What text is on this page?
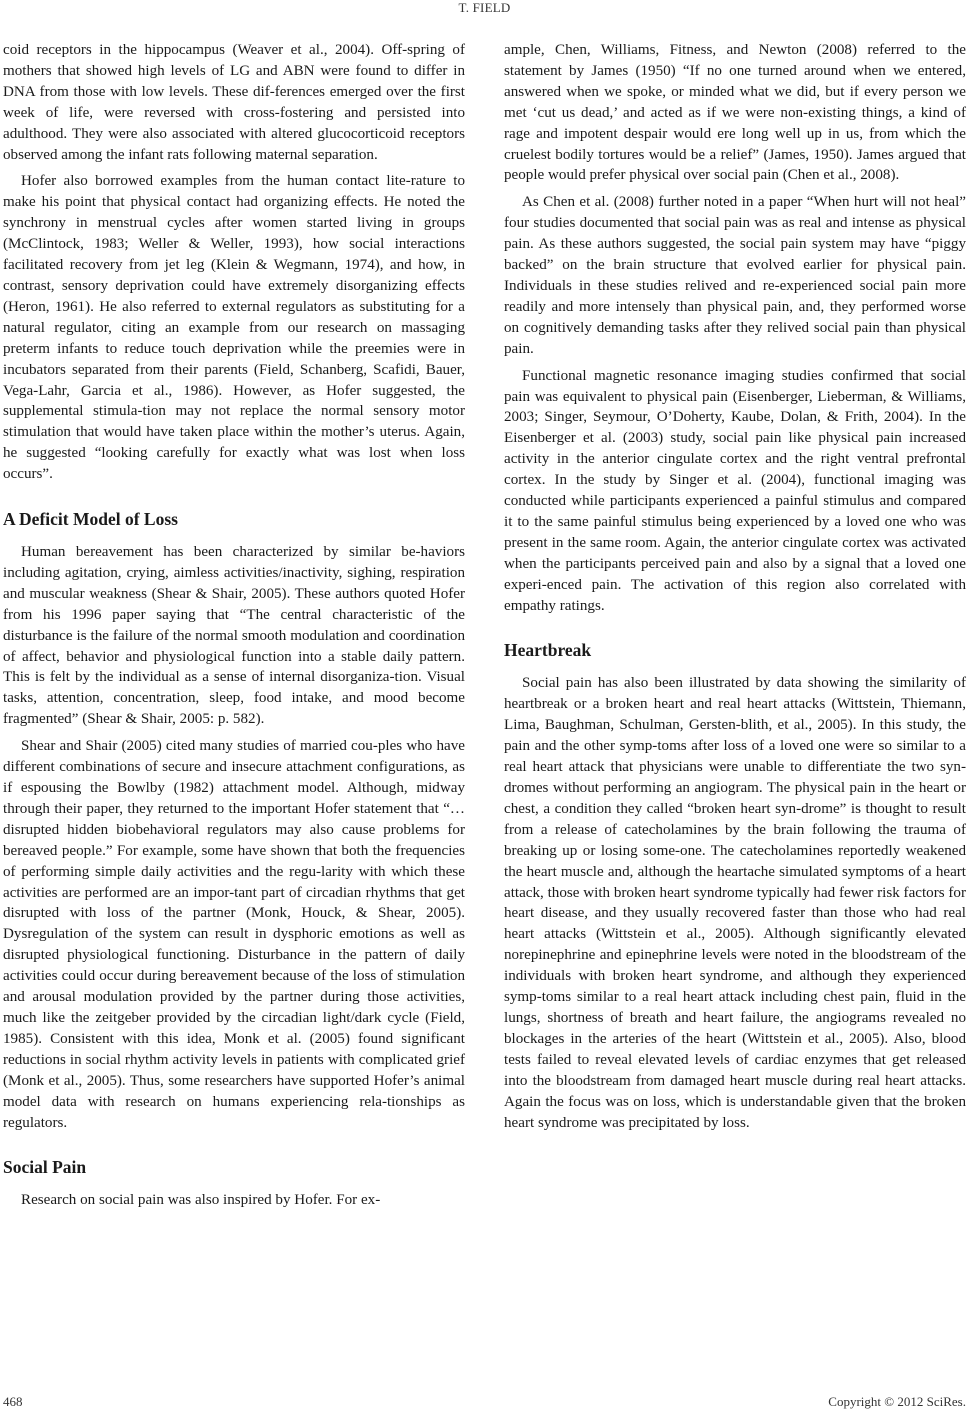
T. FIELD

coid receptors in the hippocampus (Weaver et al., 2004). Off-spring of mothers that showed high levels of LG and ABN were found to differ in DNA from those with low levels. These dif-ferences emerged over the first week of life, were reversed with cross-fostering and persisted into adulthood. They were also associated with altered glucocorticoid receptors observed among the infant rats following maternal separation.

Hofer also borrowed examples from the human contact lite-rature to make his point that physical contact had organizing effects. He noted the synchrony in menstrual cycles after women started living in groups (McClintock, 1983; Weller & Weller, 1993), how social interactions facilitated recovery from jet leg (Klein & Wegmann, 1974), and how, in contrast, sensory deprivation could have extremely disorganizing effects (Heron, 1961). He also referred to external regulators as substituting for a natural regulator, citing an example from our research on massaging preterm infants to reduce touch deprivation while the preemies were in incubators separated from their parents (Field, Schanberg, Scafidi, Bauer, Vega-Lahr, Garcia et al., 1986). However, as Hofer suggested, the supplemental stimula-tion may not replace the normal sensory motor stimulation that would have taken place within the mother’s uterus. Again, he suggested “looking carefully for exactly what was lost when loss occurs”.

A Deficit Model of Loss

Human bereavement has been characterized by similar be-haviors including agitation, crying, aimless activities/inactivity, sighing, respiration and muscular weakness (Shear & Shair, 2005). These authors quoted Hofer from his 1996 paper saying that “The central characteristic of the disturbance is the failure of the normal smooth modulation and coordination of affect, behavior and physiological function into a stable daily pattern. This is felt by the individual as a sense of internal disorganiza-tion. Visual tasks, attention, concentration, sleep, food intake, and mood become fragmented” (Shear & Shair, 2005: p. 582).

Shear and Shair (2005) cited many studies of married cou-ples who have different combinations of secure and insecure attachment configurations, as if espousing the Bowlby (1982) attachment model. Although, midway through their paper, they returned to the important Hofer statement that “…disrupted hidden biobehavioral regulators may also cause problems for bereaved people.” For example, some have shown that both the frequencies of performing simple daily activities and the regu-larity with which these activities are performed are an impor-tant part of circadian rhythms that get disrupted with loss of the partner (Monk, Houck, & Shear, 2005). Dysregulation of the system can result in dysphoric emotions as well as disrupted physiological functioning. Disturbance in the pattern of daily activities could occur during bereavement because of the loss of stimulation and arousal modulation provided by the partner during those activities, much like the zeitgeber provided by the circadian light/dark cycle (Field, 1985). Consistent with this idea, Monk et al. (2005) found significant reductions in social rhythm activity levels in patients with complicated grief (Monk et al., 2005). Thus, some researchers have supported Hofer’s animal model data with research on humans experiencing rela-tionships as regulators.

Social Pain

Research on social pain was also inspired by Hofer. For ex-

ample, Chen, Williams, Fitness, and Newton (2008) referred to the statement by James (1950) “If no one turned around when we entered, answered when we spoke, or minded what we did, but if every person we met ‘cut us dead,’ and acted as if we were non-existing things, a kind of rage and impotent despair would ere long well up in us, from which the cruelest bodily tortures would be a relief” (James, 1950). James argued that people would prefer physical over social pain (Chen et al., 2008).

As Chen et al. (2008) further noted in a paper “When hurt will not heal” four studies documented that social pain was as real and intense as physical pain. As these authors suggested, the social pain system may have “piggy backed” on the brain structure that evolved earlier for physical pain. Individuals in these studies relived and re-experienced social pain more readily and more intensely than physical pain, and, they performed worse on cognitively demanding tasks after they relived social pain than physical pain.

Functional magnetic resonance imaging studies confirmed that social pain was equivalent to physical pain (Eisenberger, Lieberman, & Williams, 2003; Singer, Seymour, O’Doherty, Kaube, Dolan, & Frith, 2004). In the Eisenberger et al. (2003) study, social pain like physical pain increased activity in the anterior cingulate cortex and the right ventral prefrontal cortex. In the study by Singer et al. (2004), functional imaging was conducted while participants experienced a painful stimulus and compared it to the same painful stimulus being experienced by a loved one who was present in the same room. Again, the anterior cingulate cortex was activated when the participants perceived pain and also by a signal that a loved one experi-enced pain. The activation of this region also correlated with empathy ratings.

Heartbreak

Social pain has also been illustrated by data showing the similarity of heartbreak or a broken heart and real heart attacks (Wittstein, Thiemann, Lima, Baughman, Schulman, Gersten-blith, et al., 2005). In this study, the pain and the other symp-toms after loss of a loved one were so similar to a real heart attack that physicians were unable to differentiate the two syn-dromes without performing an angiogram. The physical pain in the heart or chest, a condition they called “broken heart syn-drome” is thought to result from a release of catecholamines by the brain following the trauma of breaking up or losing some-one. The catecholamines reportedly weakened the heart muscle and, although the heartache simulated symptoms of a heart attack, those with broken heart syndrome typically had fewer risk factors for heart disease, and they usually recovered faster than those who had real heart attacks (Wittstein et al., 2005). Although significantly elevated norepinephrine and epinephrine levels were noted in the bloodstream of the individuals with broken heart syndrome, and although they experienced symp-toms similar to a real heart attack including chest pain, fluid in the lungs, shortness of breath and heart failure, the angiograms revealed no blockages in the arteries of the heart (Wittstein et al., 2005). Also, blood tests failed to reveal elevated levels of cardiac enzymes that get released into the bloodstream from damaged heart muscle during real heart attacks. Again the focus was on loss, which is understandable given that the broken heart syndrome was precipitated by loss.

468	Copyright © 2012 SciRes.
